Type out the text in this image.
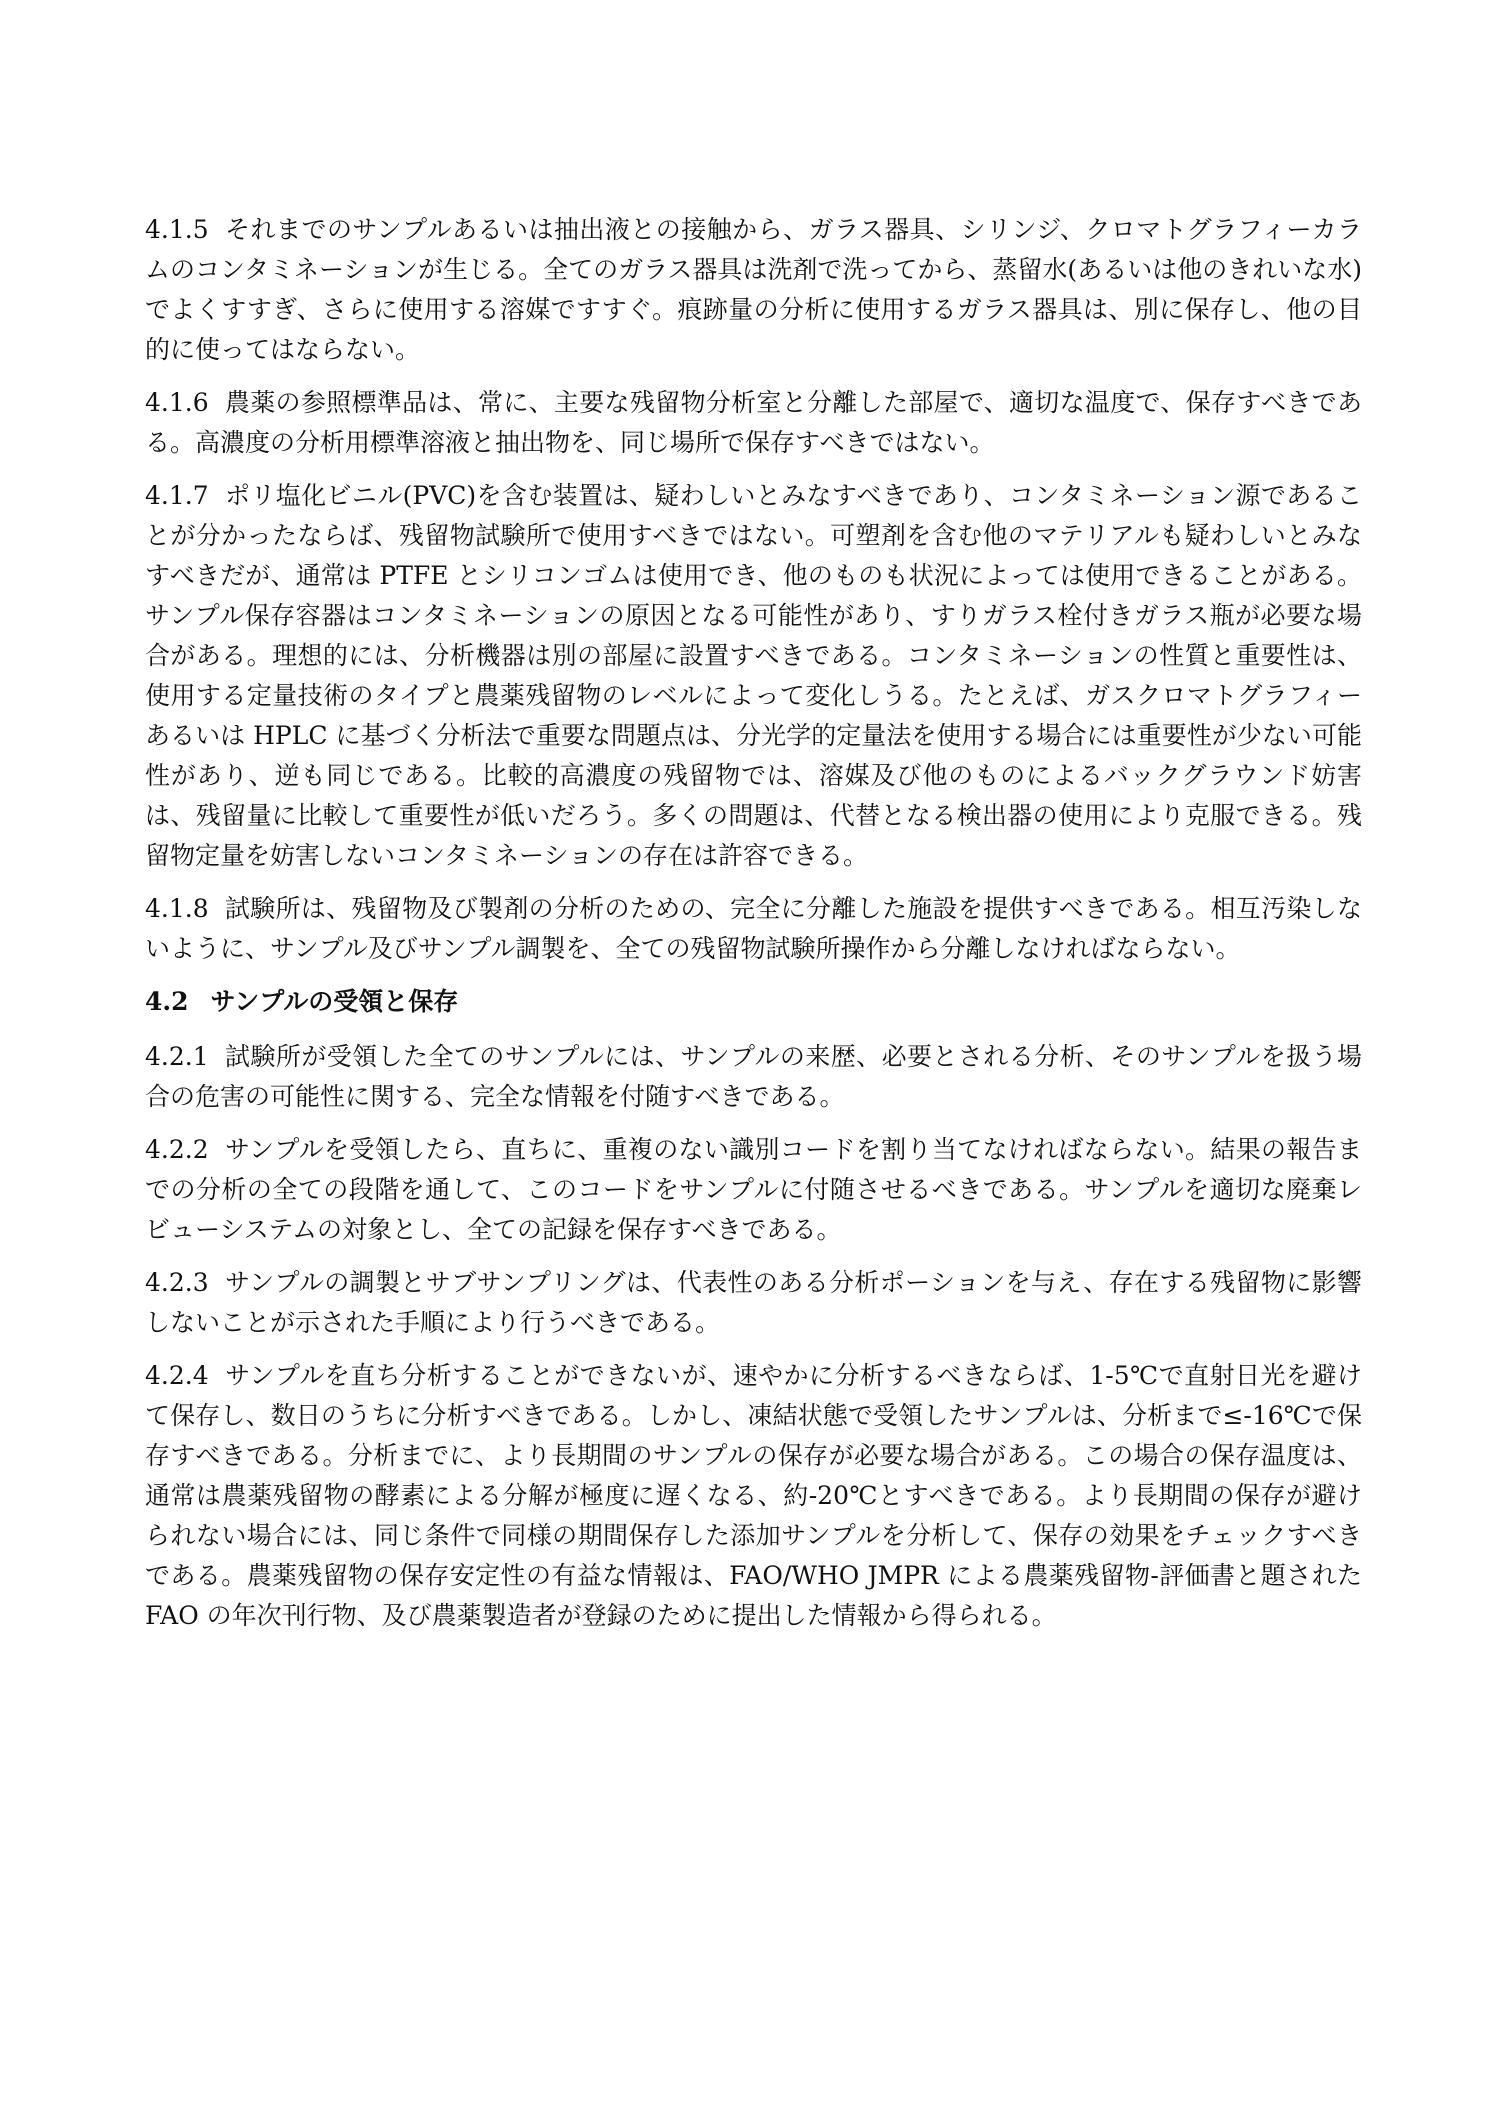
4.1.5 それまでのサンプルあるいは抽出液との接触から、ガラス器具、シリンジ、クロマトグラフィーカラムのコンタミネーションが生じる。全てのガラス器具は洗剤で洗ってから、蒸留水(あるいは他のきれいな水)でよくすすぎ、さらに使用する溶媒ですすぐ。痕跡量の分析に使用するガラス器具は、別に保存し、他の目的に使ってはならない。

4.1.6 農薬の参照標準品は、常に、主要な残留物分析室と分離した部屋で、適切な温度で、保存すべきである。高濃度の分析用標準溶液と抽出物を、同じ場所で保存すべきではない。

4.1.7 ポリ塩化ビニル(PVC)を含む装置は、疑わしいとみなすべきであり、コンタミネーション源であることが分かったならば、残留物試験所で使用すべきではない。可塑剤を含む他のマテリアルも疑わしいとみなすべきだが、通常は PTFE とシリコンゴムは使用でき、他のものも状況によっては使用できることがある。サンプル保存容器はコンタミネーションの原因となる可能性があり、すりガラス栓付きガラス瓶が必要な場合がある。理想的には、分析機器は別の部屋に設置すべきである。コンタミネーションの性質と重要性は、使用する定量技術のタイプと農薬残留物のレベルによって変化しうる。たとえば、ガスクロマトグラフィーあるいは HPLC に基づく分析法で重要な問題点は、分光学的定量法を使用する場合には重要性が少ない可能性があり、逆も同じである。比較的高濃度の残留物では、溶媒及び他のものによるバックグラウンド妨害は、残留量に比較して重要性が低いだろう。多くの問題は、代替となる検出器の使用により克服できる。残留物定量を妨害しないコンタミネーションの存在は許容できる。

4.1.8 試験所は、残留物及び製剤の分析のための、完全に分離した施設を提供すべきである。相互汚染しないように、サンプル及びサンプル調製を、全ての残留物試験所操作から分離しなければならない。

4.2 サンプルの受領と保存

4.2.1 試験所が受領した全てのサンプルには、サンプルの来歴、必要とされる分析、そのサンプルを扱う場合の危害の可能性に関する、完全な情報を付随すべきである。

4.2.2 サンプルを受領したら、直ちに、重複のない識別コードを割り当てなければならない。結果の報告までの分析の全ての段階を通して、このコードをサンプルに付随させるべきである。サンプルを適切な廃棄レビューシステムの対象とし、全ての記録を保存すべきである。

4.2.3 サンプルの調製とサブサンプリングは、代表性のある分析ポーションを与え、存在する残留物に影響しないことが示された手順により行うべきである。

4.2.4 サンプルを直ち分析することができないが、速やかに分析するべきならば、1-5℃で直射日光を避けて保存し、数日のうちに分析すべきである。しかし、凍結状態で受領したサンプルは、分析まで≤-16℃で保存すべきである。分析までに、より長期間のサンプルの保存が必要な場合がある。この場合の保存温度は、通常は農薬残留物の酵素による分解が極度に遅くなる、約-20℃とすべきである。より長期間の保存が避けられない場合には、同じ条件で同様の期間保存した添加サンプルを分析して、保存の効果をチェックすべきである。農薬残留物の保存安定性の有益な情報は、FAO/WHO JMPR による農薬残留物-評価書と題された FAO の年次刊行物、及び農薬製造者が登録のために提出した情報から得られる。
